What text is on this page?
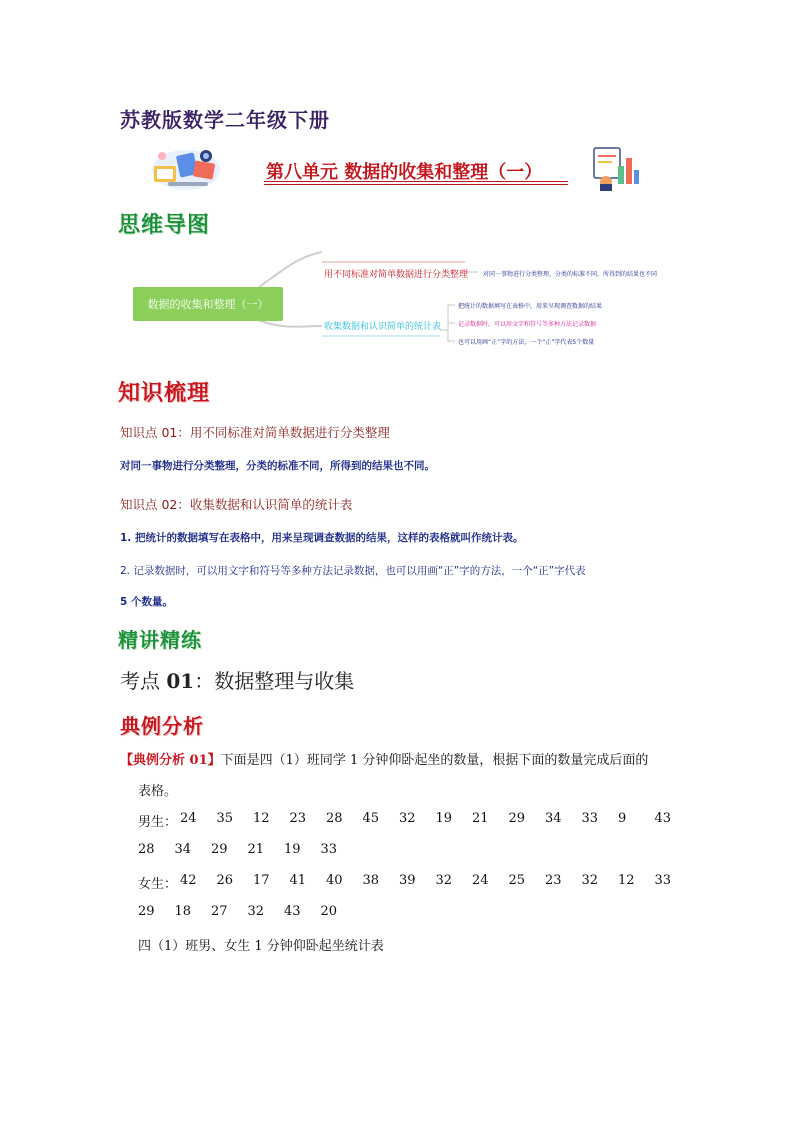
苏教版数学二年级下册
第八单元 数据的收集和整理（一）
思维导图
数据的收集和整理（一）
用不同标准对简单数据进行分类整理 对同一事物进行分类整理，分类的标准不同，所得到的结果也不同
收集数据和认识简单的统计表
把统计的数据填写在表格中，用来呈现调查数据的结果
记录数据时，可以用文字和符号等多种方法记录数据
也可以用画“正”字的方法，一个“正”字代表5个数量
知识梳理
知识点 01：用不同标准对简单数据进行分类整理
对同一事物进行分类整理，分类的标准不同，所得到的结果也不同。
知识点 02：收集数据和认识简单的统计表
1. 把统计的数据填写在表格中，用来呈现调查数据的结果，这样的表格就叫作统计表。
2. 记录数据时，可以用文字和符号等多种方法记录数据，也可以用画“正”字的方法，一个“正”字代表
5 个数量。
精讲精练
考点 01：数据整理与收集
典例分析
【典例分析 01】下面是四（1）班同学 1 分钟仰卧起坐的数量，根据下面的数量完成后面的
表格。
男生： 24 35 12 23 28 45 32 19 21 29 34 33 9 43
28 34 29 21 19 33
女生： 42 26 17 41 40 38 39 32 24 25 23 32 12 33
29 18 27 32 43 20
四（1）班男、女生 1 分钟仰卧起坐统计表
